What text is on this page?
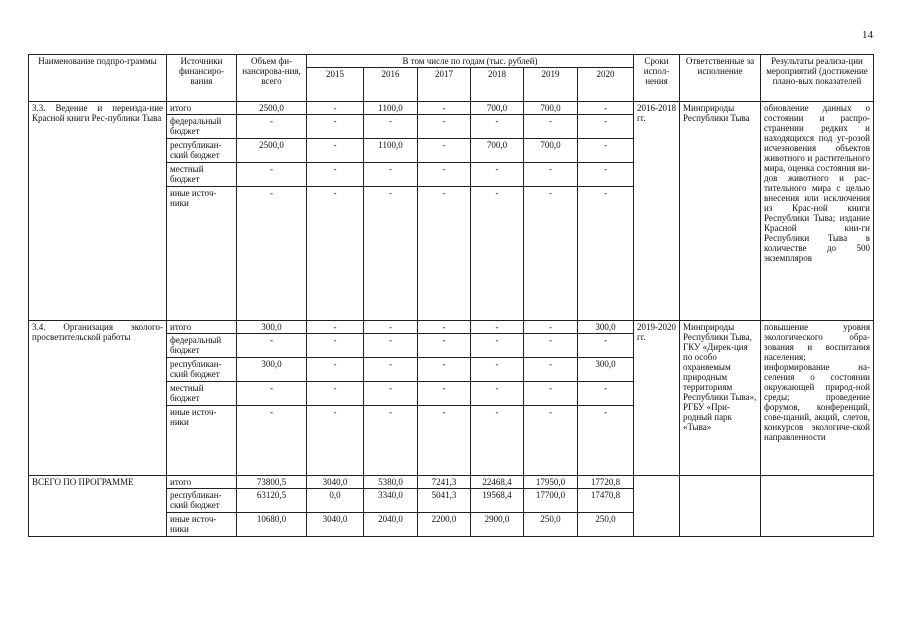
14
Наименование подпро-граммы	Источники финансиро-вания	Объем фи-нансирова-ния, всего	В том числе по годам (тыс. рублей)						Сроки испол-нения	Ответственные за исполнение	Результаты реализа-ции мероприятий (достижение плано-вых показателей
			2015	2016	2017	2018	2019	2020			
3.3. Ведение и переизда-ние Красной книги Рес-публики Тыва	итого	2500,0	-	1100,0	-	700,0	700,0	-	2016-2018 гг.	Минприроды Республики Тыва	обновление данных о состоянии и распро-странении редких и находящихся под уг-розой исчезновения объектов животного и растительного мира, оценка состояния ви-дов животного и рас-тительного мира с целью внесения или исключения из Крас-ной книги Республики Тыва; издание Красной кни-ги Республики Тыва в количестве до 500 экземпляров
	федеральный бюджет	-	-	-	-	-	-	-			
	республикан-ский бюджет	2500,0	-	1100,0	-	700,0	700,0	-			
	местный бюджет	-	-	-	-	-	-	-			
	иные источ-ники	-	-	-	-	-	-	-			
3.4. Организация эколого-просветительской работы	итого	300,0	-	-	-	-	-	300,0	2019-2020 гг.	Минприроды Республики Тыва, ГКУ «Дирек-ция по особо охраняемым природным территориям Республики Тыва», РГБУ «При-родный парк «Тыва»	повышение уровня экологического обра-зования и воспитания населения; информирование на-селения о состоянии окружающей природ-ной среды; проведение форумов, конференций, сове-щаний, акций, слетов, конкурсов экологиче-ской направленности
	федеральный бюджет	-	-	-	-	-	-	-			
	республикан-ский бюджет	300,0	-	-	-	-	-	300,0			
	местный бюджет	-	-	-	-	-	-	-			
	иные источ-ники	-	-	-	-	-	-	-			
ВСЕГО ПО ПРОГРАММЕ	итого	73800,5	3040,0	5380,0	7241,3	22468,4	17950,0	17720,8			
	республикан-ский бюджет	63120,5	0,0	3340,0	5041,3	19568,4	17700,0	17470,8			
	иные источ-ники	10680,0	3040,0	2040,0	2200,0	2900,0	250,0	250,0			
